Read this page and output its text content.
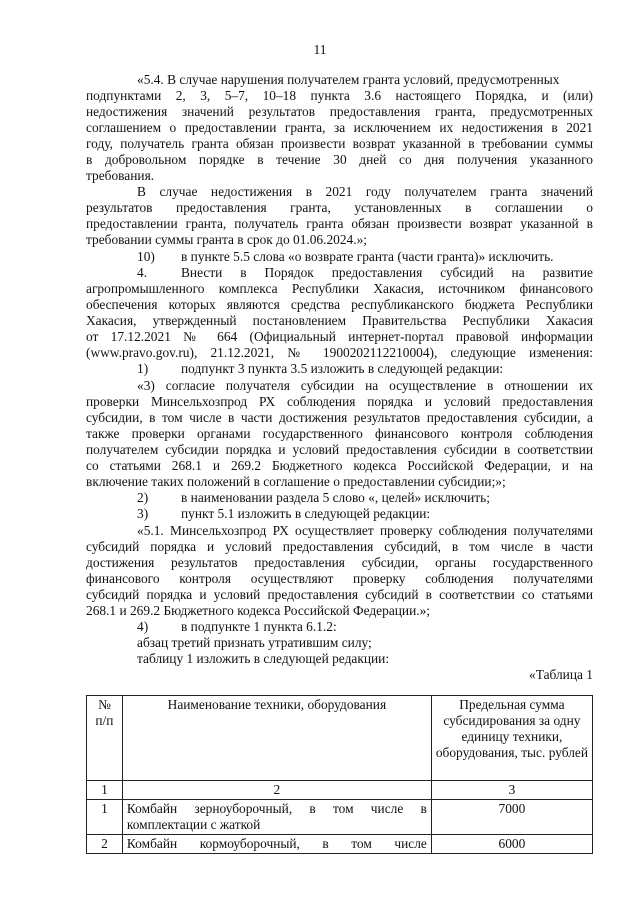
11
«5.4. В случае нарушения получателем гранта условий, предусмотренных
подпунктами 2, 3, 5–7, 10–18 пункта 3.6 настоящего Порядка, и (или)
недостижения значений результатов предоставления гранта, предусмотренных
соглашением о предоставлении гранта, за исключением их недостижения в 2021
году, получатель гранта обязан произвести возврат указанной в требовании суммы
в добровольном порядке в течение 30 дней со дня получения указанного
требования.
В случае недостижения в 2021 году получателем гранта значений
результатов предоставления гранта, установленных в соглашении о
предоставлении гранта, получатель гранта обязан произвести возврат указанной в
требовании суммы гранта в срок до 01.06.2024.»;
10) в пункте 5.5 слова «о возврате гранта (части гранта)» исключить.
4.	Внести в Порядок предоставления субсидий на развитие
агропромышленного комплекса Республики Хакасия, источником финансового
обеспечения которых являются средства республиканского бюджета Республики
Хакасия, утвержденный постановлением Правительства Республики Хакасия
от 17.12.2021 № 664 (Официальный интернет-портал правовой информации
(www.pravo.gov.ru), 21.12.2021, № 1900202112210004), следующие изменения:
1) подпункт 3 пункта 3.5 изложить в следующей редакции:
«3) согласие получателя субсидии на осуществление в отношении их
проверки Минсельхозпрод РХ соблюдения порядка и условий предоставления
субсидии, в том числе в части достижения результатов предоставления субсидии, а
также проверки органами государственного финансового контроля соблюдения
получателем субсидии порядка и условий предоставления субсидии в соответствии
со статьями 268.1 и 269.2 Бюджетного кодекса Российской Федерации, и на
включение таких положений в соглашение о предоставлении субсидии;»;
2) в наименовании раздела 5 слово «, целей» исключить;
3) пункт 5.1 изложить в следующей редакции:
«5.1. Минсельхозпрод РХ осуществляет проверку соблюдения получателями
субсидий порядка и условий предоставления субсидий, в том числе в части
достижения результатов предоставления субсидии, органы государственного
финансового контроля осуществляют проверку соблюдения получателями
субсидий порядка и условий предоставления субсидий в соответствии со статьями
268.1 и 269.2 Бюджетного кодекса Российской Федерации.»;
4) в подпункте 1 пункта 6.1.2:
абзац третий признать утратившим силу;
таблицу 1 изложить в следующей редакции:
«Таблица 1
№ п/п	Наименование техники, оборудования	Предельная сумма субсидирования за одну единицу техники, оборудования, тыс. рублей
1	2	3
1	Комбайн зерноуборочный, в том числе в комплектации с жаткой	7000
2	Комбайн кормоуборочный, в том числе	6000
